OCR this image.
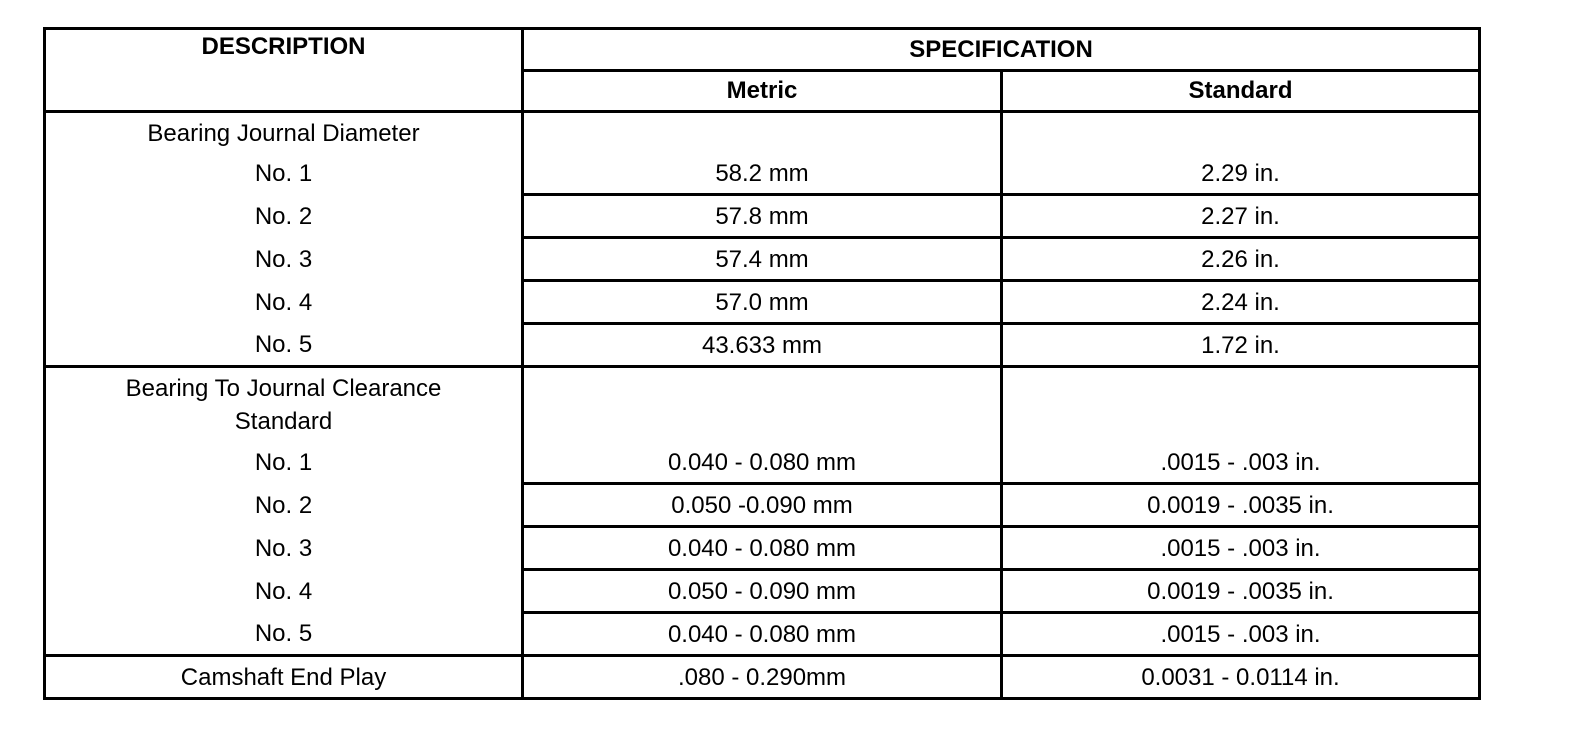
DESCRIPTION	SPECIFICATION	
	Metric	Standard
Bearing Journal Diameter		
No. 1	58.2 mm	2.29 in.
No. 2	57.8 mm	2.27 in.
No. 3	57.4 mm	2.26 in.
No. 4	57.0 mm	2.24 in.
No. 5	43.633 mm	1.72 in.

Bearing To Journal Clearance
Standard		

No. 1	0.040 - 0.080 mm	.0015 - .003 in.
No. 2	0.050 -0.090 mm	0.0019 - .0035 in.
No. 3	0.040 - 0.080 mm	.0015 - .003 in.
No. 4	0.050 - 0.090 mm	0.0019 - .0035 in.
No. 5	0.040 - 0.080 mm	.0015 - .003 in.
Camshaft End Play	.080 - 0.290mm	0.0031 - 0.0114 in.
